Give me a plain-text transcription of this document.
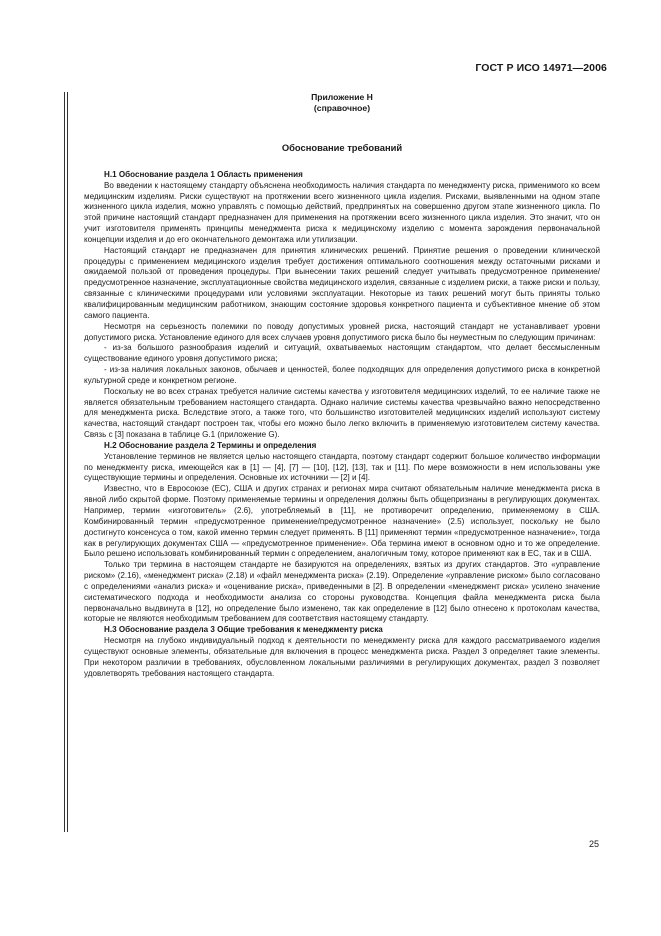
ГОСТ Р ИСО 14971—2006
Приложение Н
(справочное)
Обоснование требований

Н.1 Обоснование раздела 1 Область применения

Во введении к настоящему стандарту объяснена необходимость наличия стандарта по менеджменту риска, применимого ко всем медицинским изделиям. Риски существуют на протяжении всего жизненного цикла изделия. Рисками, выявленными на одном этапе жизненного цикла изделия, можно управлять с помощью действий, предпринятых на совершенно другом этапе жизненного цикла. По этой причине настоящий стандарт предназначен для применения на протяжении всего жизненного цикла изделия. Это значит, что он учит изготовителя применять принципы менеджмента риска к медицинскому изделию с момента зарождения первоначальной концепции изделия и до его окончательного демонтажа или утилизации.

Настоящий стандарт не предназначен для принятия клинических решений. Принятие решения о проведении клинической процедуры с применением медицинского изделия требует достижения оптимального соотношения между остаточными рисками и ожидаемой пользой от проведения процедуры. При вынесении таких решений следует учитывать предусмотренное применение/предусмотренное назначение, эксплуатационные свойства медицинского изделия, связанные с изделием риски, а также риски и пользу, связанные с клиническими процедурами или условиями эксплуатации. Некоторые из таких решений могут быть приняты только квалифицированным медицинским работником, знающим состояние здоровья конкретного пациента и субъективное мнение об этом самого пациента.

Несмотря на серьезность полемики по поводу допустимых уровней риска, настоящий стандарт не устанавливает уровни допустимого риска. Установление единого для всех случаев уровня допустимого риска было бы неуместным по следующим причинам:

- из-за большого разнообразия изделий и ситуаций, охватываемых настоящим стандартом, что делает бессмысленным существование единого уровня допустимого риска;

- из-за наличия локальных законов, обычаев и ценностей, более подходящих для определения допустимого риска в конкретной культурной среде и конкретном регионе.

Поскольку не во всех странах требуется наличие системы качества у изготовителя медицинских изделий, то ее наличие также не является обязательным требованием настоящего стандарта. Однако наличие системы качества чрезвычайно важно непосредственно для менеджмента риска. Вследствие этого, а также того, что большинство изготовителей медицинских изделий используют систему качества, настоящий стандарт построен так, чтобы его можно было легко включить в применяемую изготовителем систему качества. Связь с [3] показана в таблице G.1 (приложение G).

Н.2 Обоснование раздела 2 Термины и определения

Установление терминов не является целью настоящего стандарта, поэтому стандарт содержит большое количество информации по менеджменту риска, имеющейся как в [1] — [4], [7] — [10], [12], [13], так и [11]. По мере возможности в нем использованы уже существующие термины и определения. Основные их источники — [2] и [4].

Известно, что в Евросоюзе (ЕС), США и других странах и регионах мира считают обязательным наличие менеджмента риска в явной либо скрытой форме. Поэтому применяемые термины и определения должны быть общепризнаны в регулирующих документах. Например, термин «изготовитель» (2.6), употребляемый в [11], не противоречит определению, применяемому в США. Комбинированный термин «предусмотренное применение/предусмотренное назначение» (2.5) использует, поскольку не было достигнуто консенсуса о том, какой именно термин следует применять. В [11] применяют термин «предусмотренное назначение», тогда как в регулирующих документах США — «предусмотренное применение». Оба термина имеют в основном одно и то же определение. Было решено использовать комбинированный термин с определением, аналогичным тому, которое применяют как в ЕС, так и в США.

Только три термина в настоящем стандарте не базируются на определениях, взятых из других стандартов. Это «управление риском» (2.16), «менеджмент риска» (2.18) и «файл менеджмента риска» (2.19). Определение «управление риском» было согласовано с определениями «анализ риска» и «оценивание риска», приведенными в [2]. В определении «менеджмент риска» усилено значение систематического подхода и необходимости анализа со стороны руководства. Концепция файла менеджмента риска была первоначально выдвинута в [12], но определение было изменено, так как определение в [12] было отнесено к протоколам качества, которые не являются необходимым требованием для соответствия настоящему стандарту.

Н.3 Обоснование раздела 3 Общие требования к менеджменту риска

Несмотря на глубоко индивидуальный подход к деятельности по менеджменту риска для каждого рассматриваемого изделия существуют основные элементы, обязательные для включения в процесс менеджмента риска. Раздел 3 определяет такие элементы. При некотором различии в требованиях, обусловленном локальными различиями в регулирующих документах, раздел 3 позволяет удовлетворять требования настоящего стандарта.

25
